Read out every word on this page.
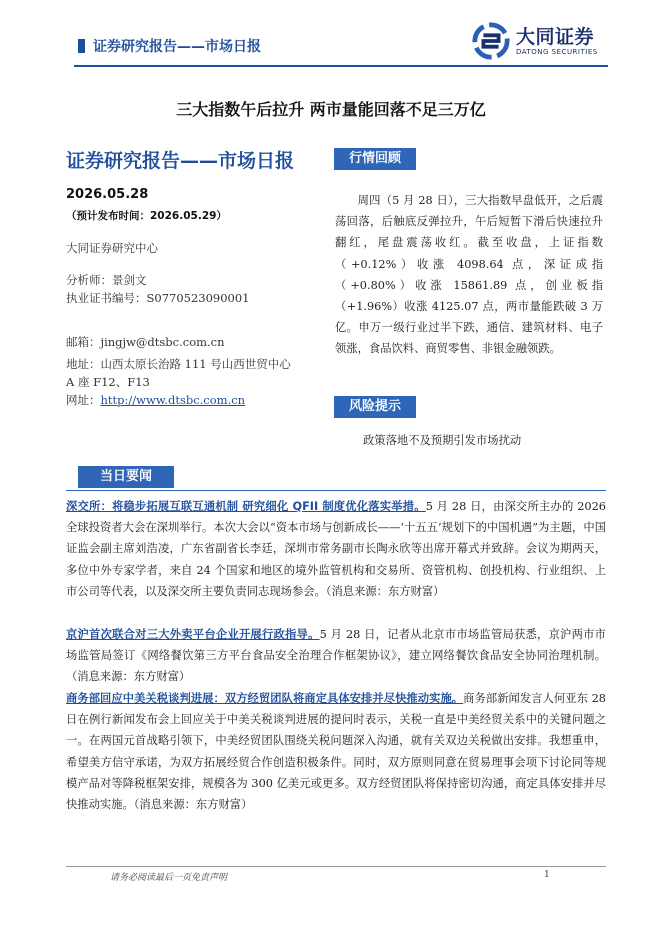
证券研究报告——市场日报	大同证券
DATONG SECURITIES
三大指数午后拉升 两市量能回落不足三万亿
证券研究报告——市场日报
2026.05.28
（预计发布时间：2026.05.29）
大同证券研究中心
分析师：景剑文
执业证书编号：S0770523090001
邮箱：jingjw@dtsbc.com.cn
地址：山西太原长治路 111 号山西世贸中心
A 座 F12、F13
网址：http://www.dtsbc.com.cn
行情回顾
周四（5 月 28 日），三大指数早盘低开，之后震荡回落，后触底反弹拉升，午后短暂下滑后快速拉升翻红，尾盘震荡收红。截至收盘，上证指数（+0.12%）收涨 4098.64 点，深证成指（+0.80%）收涨 15861.89 点，创业板指（+1.96%）收涨 4125.07 点，两市量能跌破 3 万亿。申万一级行业过半下跌，通信、建筑材料、电子领涨，食品饮料、商贸零售、非银金融领跌。
风险提示
政策落地不及预期引发市场扰动
当日要闻
深交所：将稳步拓展互联互通机制 研究细化 QFII 制度优化落实举措。5 月 28 日，由深交所主办的 2026 全球投资者大会在深圳举行。本次大会以“资本市场与创新成长——‘十五五’规划下的中国机遇”为主题，中国证监会副主席刘浩凌，广东省副省长李廷，深圳市常务副市长陶永欣等出席开幕式并致辞。会议为期两天，多位中外专家学者，来自 24 个国家和地区的境外监管机构和交易所、资管机构、创投机构、行业组织、上市公司等代表，以及深交所主要负责同志现场参会。（消息来源：东方财富）
京沪首次联合对三大外卖平台企业开展行政指导。5 月 28 日，记者从北京市市场监管局获悉，京沪两市市场监管局签订《网络餐饮第三方平台食品安全治理合作框架协议》，建立网络餐饮食品安全协同治理机制。（消息来源：东方财富）
商务部回应中美关税谈判进展：双方经贸团队将商定具体安排并尽快推动实施。商务部新闻发言人何亚东 28 日在例行新闻发布会上回应关于中美关税谈判进展的提问时表示，关税一直是中美经贸关系中的关键问题之一。在两国元首战略引领下，中美经贸团队围绕关税问题深入沟通，就有关双边关税做出安排。我想重申，希望美方信守承诺，为双方拓展经贸合作创造积极条件。同时，双方原则同意在贸易理事会项下讨论同等规模产品对等降税框架安排，规模各为 300 亿美元或更多。双方经贸团队将保持密切沟通，商定具体安排并尽快推动实施。（消息来源：东方财富）
请务必阅读最后一页免责声明	1
